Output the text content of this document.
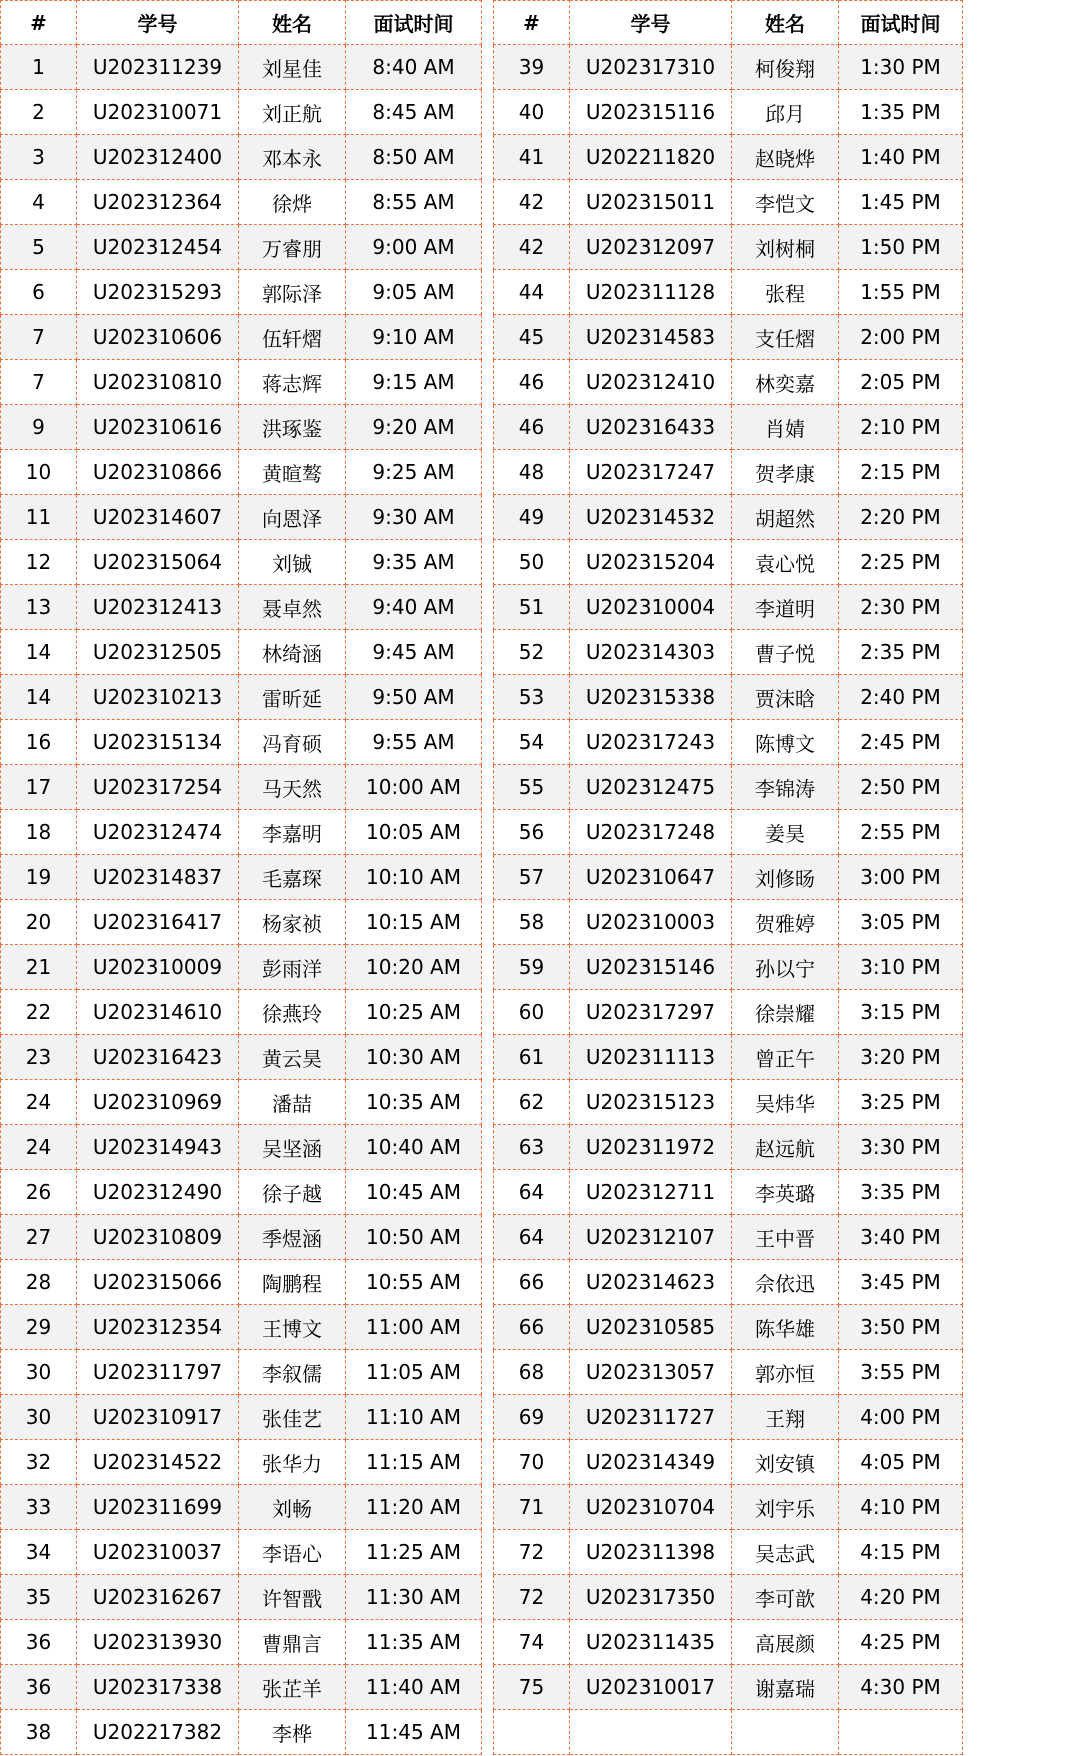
#	学号	姓名	面试时间
1	U202311239	刘星佳	8:40 AM
2	U202310071	刘正航	8:45 AM
3	U202312400	邓本永	8:50 AM
4	U202312364	徐烨	8:55 AM
5	U202312454	万睿朋	9:00 AM
6	U202315293	郭际泽	9:05 AM
7	U202310606	伍轩熠	9:10 AM
7	U202310810	蒋志辉	9:15 AM
9	U202310616	洪琢鉴	9:20 AM
10	U202310866	黄暄骜	9:25 AM
11	U202314607	向恩泽	9:30 AM
12	U202315064	刘铖	9:35 AM
13	U202312413	聂卓然	9:40 AM
14	U202312505	林绮涵	9:45 AM
14	U202310213	雷昕延	9:50 AM
16	U202315134	冯育硕	9:55 AM
17	U202317254	马天然	10:00 AM
18	U202312474	李嘉明	10:05 AM
19	U202314837	毛嘉琛	10:10 AM
20	U202316417	杨家祯	10:15 AM
21	U202310009	彭雨洋	10:20 AM
22	U202314610	徐燕玲	10:25 AM
23	U202316423	黄云昊	10:30 AM
24	U202310969	潘喆	10:35 AM
24	U202314943	吴坚涵	10:40 AM
26	U202312490	徐子越	10:45 AM
27	U202310809	季煜涵	10:50 AM
28	U202315066	陶鹏程	10:55 AM
29	U202312354	王博文	11:00 AM
30	U202311797	李叙儒	11:05 AM
30	U202310917	张佳艺	11:10 AM
32	U202314522	张华力	11:15 AM
33	U202311699	刘畅	11:20 AM
34	U202310037	李语心	11:25 AM
35	U202316267	许智戬	11:30 AM
36	U202313930	曹鼎言	11:35 AM
36	U202317338	张芷羊	11:40 AM
38	U202217382	李桦	11:45 AM
#	学号	姓名	面试时间
39	U202317310	柯俊翔	1:30 PM
40	U202315116	邱月	1:35 PM
41	U202211820	赵晓烨	1:40 PM
42	U202315011	李恺文	1:45 PM
42	U202312097	刘树桐	1:50 PM
44	U202311128	张程	1:55 PM
45	U202314583	支任熠	2:00 PM
46	U202312410	林奕嘉	2:05 PM
46	U202316433	肖婧	2:10 PM
48	U202317247	贺孝康	2:15 PM
49	U202314532	胡超然	2:20 PM
50	U202315204	袁心悦	2:25 PM
51	U202310004	李道明	2:30 PM
52	U202314303	曹子悦	2:35 PM
53	U202315338	贾沫晗	2:40 PM
54	U202317243	陈博文	2:45 PM
55	U202312475	李锦涛	2:50 PM
56	U202317248	姜昊	2:55 PM
57	U202310647	刘修旸	3:00 PM
58	U202310003	贺雅婷	3:05 PM
59	U202315146	孙以宁	3:10 PM
60	U202317297	徐崇耀	3:15 PM
61	U202311113	曾正午	3:20 PM
62	U202315123	吴炜华	3:25 PM
63	U202311972	赵远航	3:30 PM
64	U202312711	李英璐	3:35 PM
64	U202312107	王中晋	3:40 PM
66	U202314623	佘依迅	3:45 PM
66	U202310585	陈华雄	3:50 PM
68	U202313057	郭亦恒	3:55 PM
69	U202311727	王翔	4:00 PM
70	U202314349	刘安镇	4:05 PM
71	U202310704	刘宇乐	4:10 PM
72	U202311398	吴志武	4:15 PM
72	U202317350	李可歆	4:20 PM
74	U202311435	高展颜	4:25 PM
75	U202310017	谢嘉瑞	4:30 PM
